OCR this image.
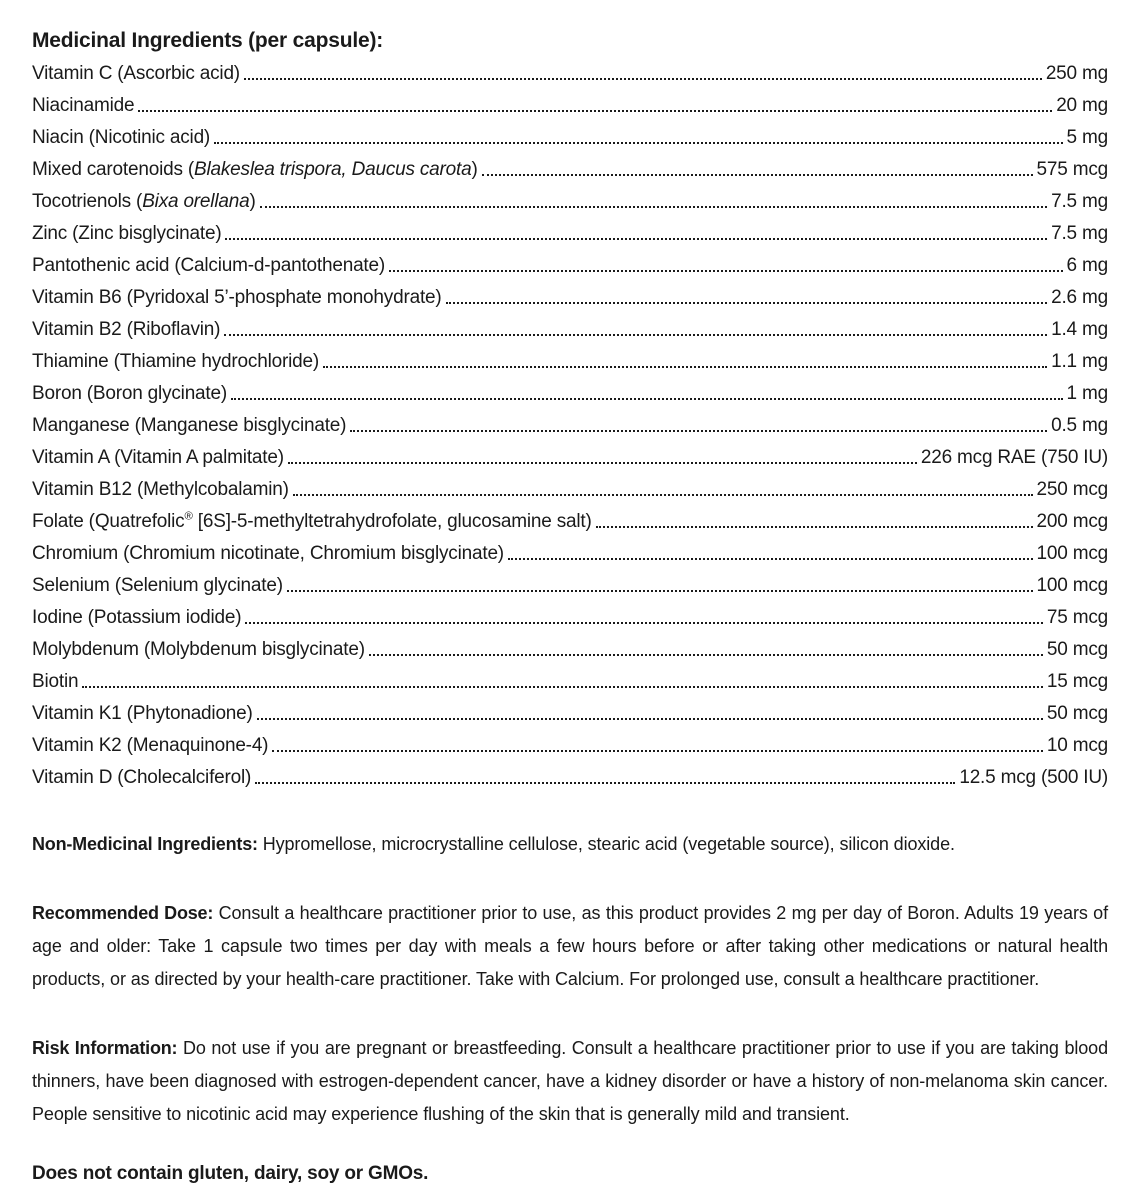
Medicinal Ingredients (per capsule):

Vitamin C (Ascorbic acid)	250 mg
Niacinamide	20 mg
Niacin (Nicotinic acid)	5 mg
Mixed carotenoids (Blakeslea trispora, Daucus carota)	575 mcg
Tocotrienols (Bixa orellana)	7.5 mg
Zinc (Zinc bisglycinate)	7.5 mg
Pantothenic acid (Calcium-d-pantothenate)	6 mg
Vitamin B6 (Pyridoxal 5’-phosphate monohydrate)	2.6 mg
Vitamin B2 (Riboflavin)	1.4 mg
Thiamine (Thiamine hydrochloride)	1.1 mg
Boron (Boron glycinate)	1 mg
Manganese (Manganese bisglycinate)	0.5 mg
Vitamin A (Vitamin A palmitate)	226 mcg RAE (750 IU)
Vitamin B12 (Methylcobalamin)	250 mcg
Folate (Quatrefolic® [6S]-5-methyltetrahydrofolate, glucosamine salt)	200 mcg
Chromium (Chromium nicotinate, Chromium bisglycinate)	100 mcg
Selenium (Selenium glycinate)	100 mcg
Iodine (Potassium iodide)	75 mcg
Molybdenum (Molybdenum bisglycinate)	50 mcg
Biotin	15 mcg
Vitamin K1 (Phytonadione)	50 mcg
Vitamin K2 (Menaquinone-4)	10 mcg
Vitamin D (Cholecalciferol)	12.5 mcg (500 IU)

Non-Medicinal Ingredients: Hypromellose, microcrystalline cellulose, stearic acid (vegetable source), silicon dioxide.

Recommended Dose: Consult a healthcare practitioner prior to use, as this product provides 2 mg per day of Boron. Adults 19 years of age and older: Take 1 capsule two times per day with meals a few hours before or after taking other medications or natural health products, or as directed by your health-care practitioner. Take with Calcium. For prolonged use, consult a healthcare practitioner.

Risk Information: Do not use if you are pregnant or breastfeeding. Consult a healthcare practitioner prior to use if you are taking blood thinners, have been diagnosed with estrogen-dependent cancer, have a kidney disorder or have a history of non-melanoma skin cancer. People sensitive to nicotinic acid may experience flushing of the skin that is generally mild and transient.

Does not contain gluten, dairy, soy or GMOs.
